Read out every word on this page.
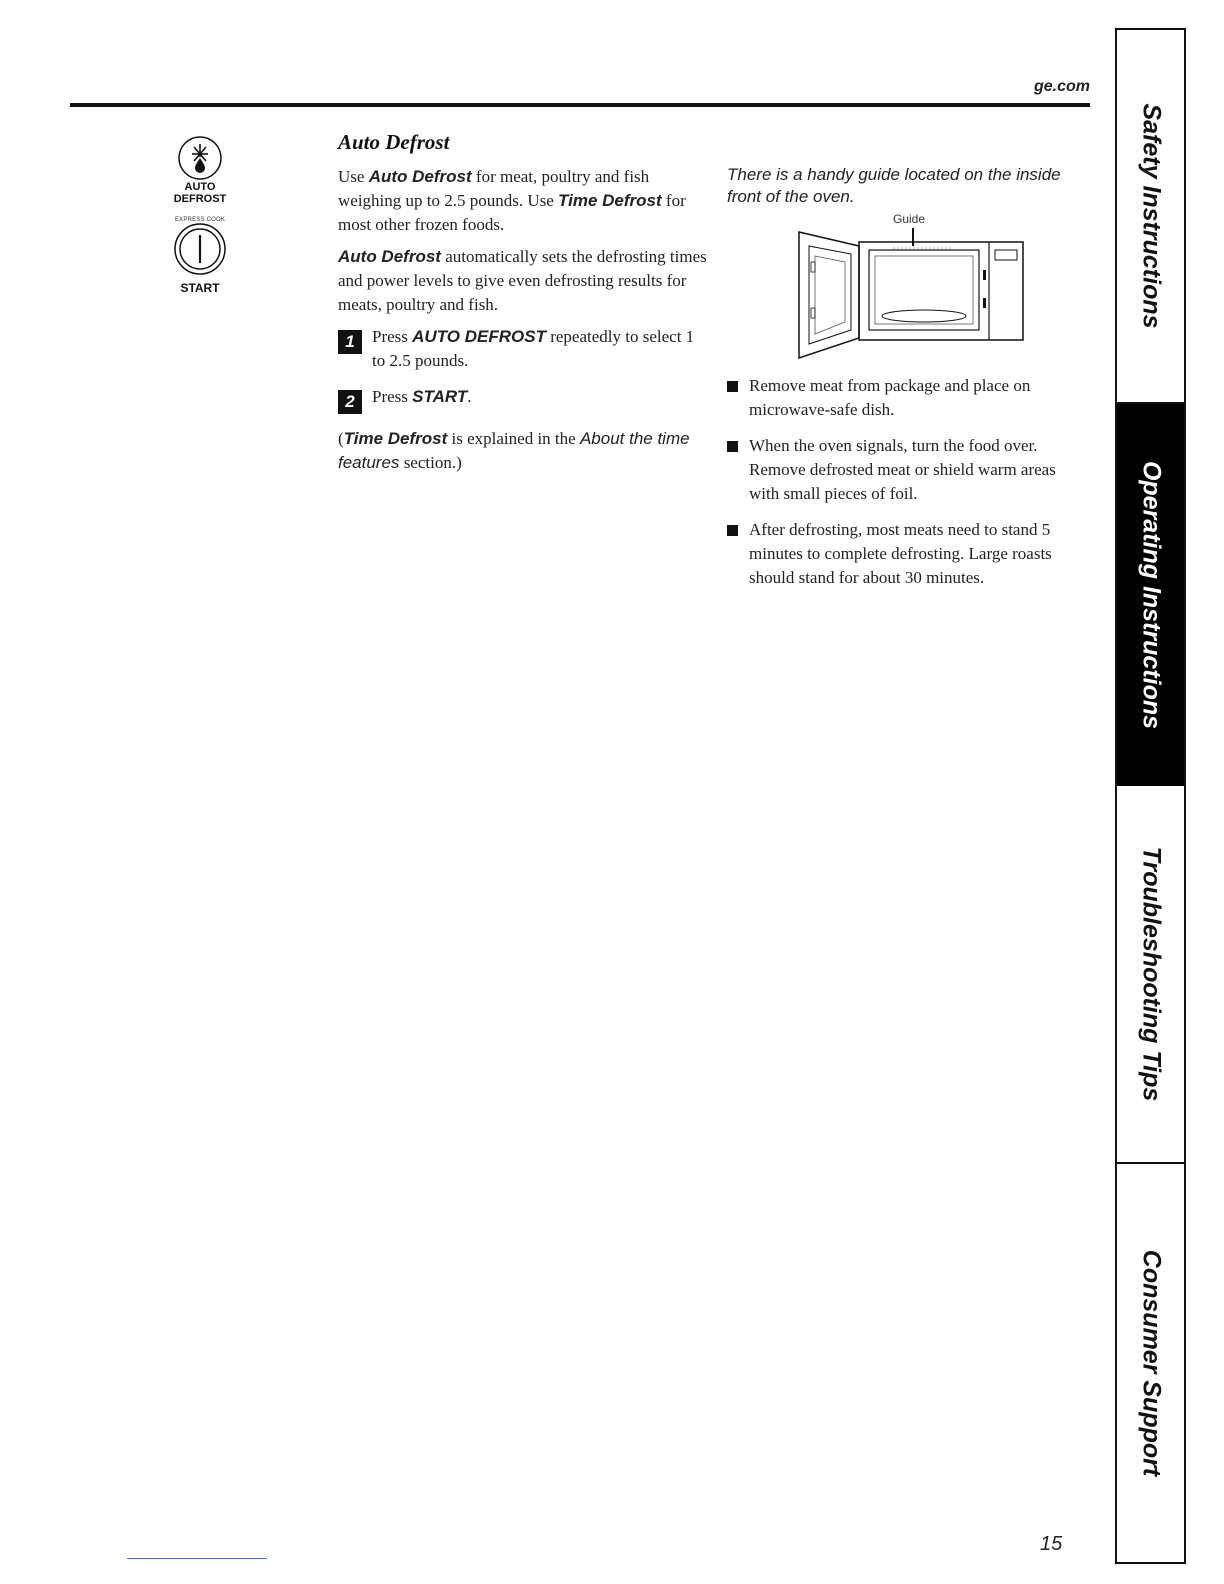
ge.com
AUTO
DEFROST
EXPRESS COOK
START
Auto Defrost

Use Auto Defrost for meat, poultry and fish weighing up to 2.5 pounds. Use Time Defrost for most other frozen foods.

Auto Defrost automatically sets the defrosting times and power levels to give even defrosting results for meats, poultry and fish.

1	Press AUTO DEFROST repeatedly to select 1 to 2.5 pounds.
2	Press START.

(Time Defrost is explained in the About the time features section.)

There is a handy guide located on the inside front of the oven.
Guide
Remove meat from package and place on microwave-safe dish.
When the oven signals, turn the food over. Remove defrosted meat or shield warm areas with small pieces of foil.
After defrosting, most meats need to stand 5 minutes to complete defrosting. Large roasts should stand for about 30 minutes.
Safety Instructions
Operating Instructions
Troubleshooting Tips
Consumer Support
15
